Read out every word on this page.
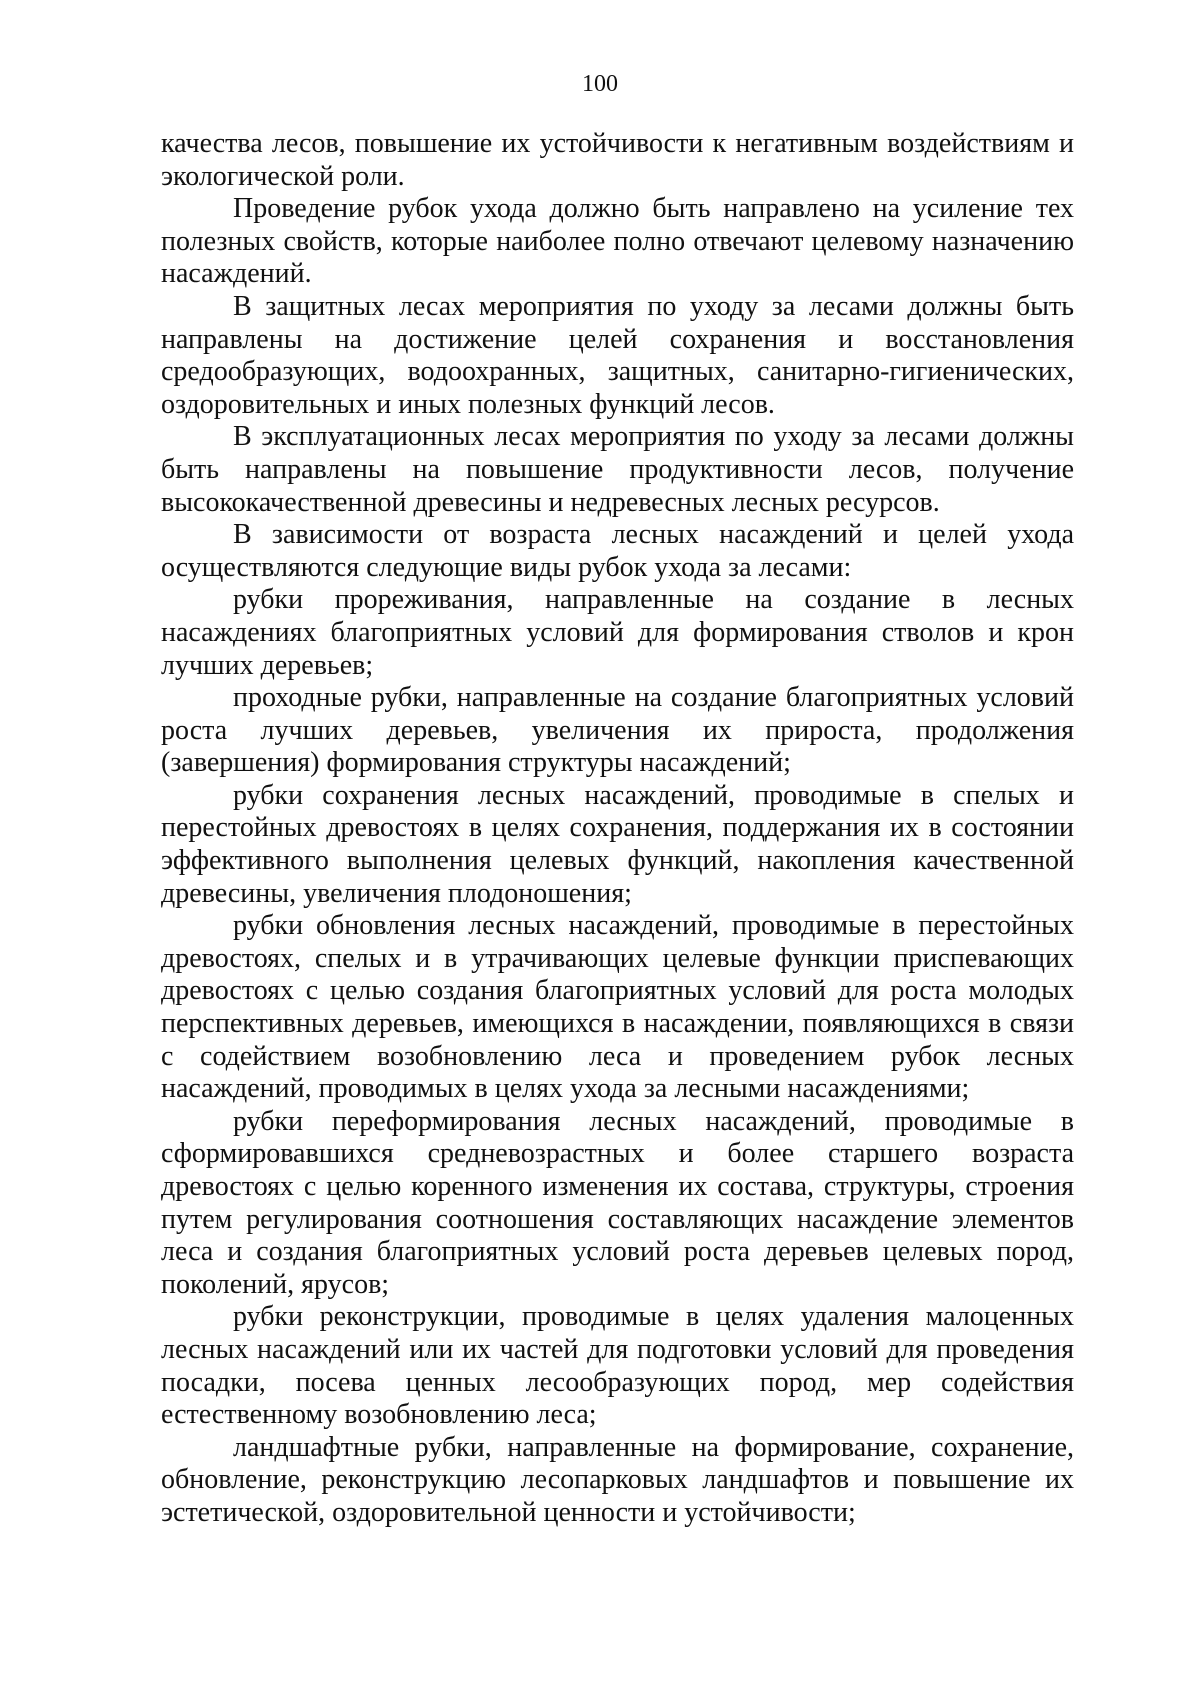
100

качества лесов, повышение их устойчивости к негативным воздействиям и экологической роли.

Проведение рубок ухода должно быть направлено на усиление тех полезных свойств, которые наиболее полно отвечают целевому назначению насаждений.

В защитных лесах мероприятия по уходу за лесами должны быть направлены на достижение целей сохранения и восстановления средообразующих, водоохранных, защитных, санитарно-гигиенических, оздоровительных и иных полезных функций лесов.

В эксплуатационных лесах мероприятия по уходу за лесами должны быть направлены на повышение продуктивности лесов, получение высококачественной древесины и недревесных лесных ресурсов.

В зависимости от возраста лесных насаждений и целей ухода осуществляются следующие виды рубок ухода за лесами:

рубки прореживания, направленные на создание в лесных насаждениях благоприятных условий для формирования стволов и крон лучших деревьев;

проходные рубки, направленные на создание благоприятных условий роста лучших деревьев, увеличения их прироста, продолжения (завершения) формирования структуры насаждений;

рубки сохранения лесных насаждений, проводимые в спелых и перестойных древостоях в целях сохранения, поддержания их в состоянии эффективного выполнения целевых функций, накопления качественной древесины, увеличения плодоношения;

рубки обновления лесных насаждений, проводимые в перестойных древостоях, спелых и в утрачивающих целевые функции приспевающих древостоях с целью создания благоприятных условий для роста молодых перспективных деревьев, имеющихся в насаждении, появляющихся в связи с содействием возобновлению леса и проведением рубок лесных насаждений, проводимых в целях ухода за лесными насаждениями;

рубки переформирования лесных насаждений, проводимые в сформировавшихся средневозрастных и более старшего возраста древостоях с целью коренного изменения их состава, структуры, строения путем регулирования соотношения составляющих насаждение элементов леса и создания благоприятных условий роста деревьев целевых пород, поколений, ярусов;

рубки реконструкции, проводимые в целях удаления малоценных лесных насаждений или их частей для подготовки условий для проведения посадки, посева ценных лесообразующих пород, мер содействия естественному возобновлению леса;

ландшафтные рубки, направленные на формирование, сохранение, обновление, реконструкцию лесопарковых ландшафтов и повышение их эстетической, оздоровительной ценности и устойчивости;
